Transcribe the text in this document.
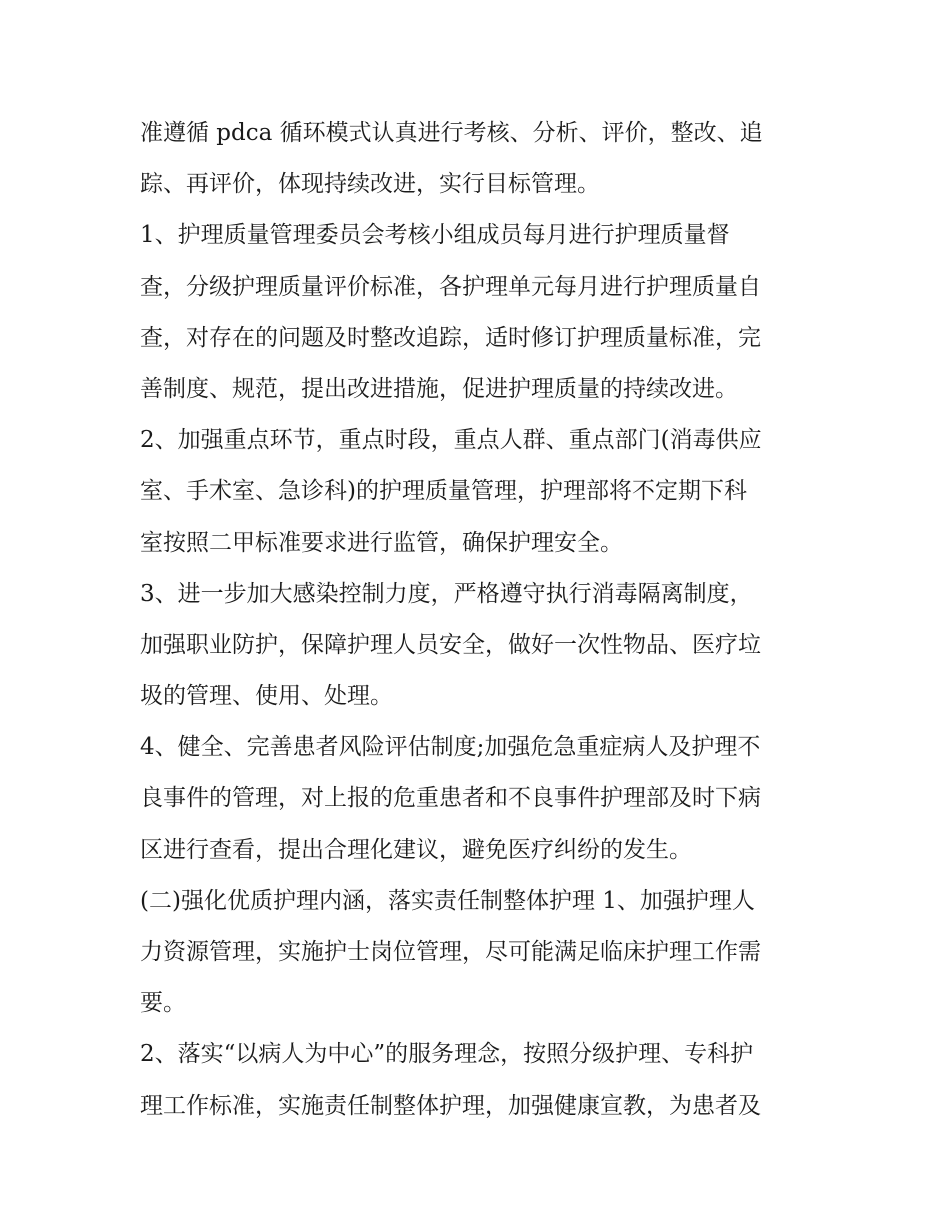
准遵循 pdca 循环模式认真进行考核、分析、评价，整改、追
踪、再评价，体现持续改进，实行目标管理。
1、护理质量管理委员会考核小组成员每月进行护理质量督
查，分级护理质量评价标准，各护理单元每月进行护理质量自
查，对存在的问题及时整改追踪，适时修订护理质量标准，完
善制度、规范，提出改进措施，促进护理质量的持续改进。
2、加强重点环节，重点时段，重点人群、重点部门(消毒供应
室、手术室、急诊科)的护理质量管理，护理部将不定期下科
室按照二甲标准要求进行监管，确保护理安全。
3、进一步加大感染控制力度，严格遵守执行消毒隔离制度，
加强职业防护，保障护理人员安全，做好一次性物品、医疗垃
圾的管理、使用、处理。
4、健全、完善患者风险评估制度;加强危急重症病人及护理不
良事件的管理，对上报的危重患者和不良事件护理部及时下病
区进行查看，提出合理化建议，避免医疗纠纷的发生。
(二)强化优质护理内涵，落实责任制整体护理 1、加强护理人
力资源管理，实施护士岗位管理，尽可能满足临床护理工作需
要。
2、落实“以病人为中心”的服务理念，按照分级护理、专科护
理工作标准，实施责任制整体护理，加强健康宣教，为患者及
